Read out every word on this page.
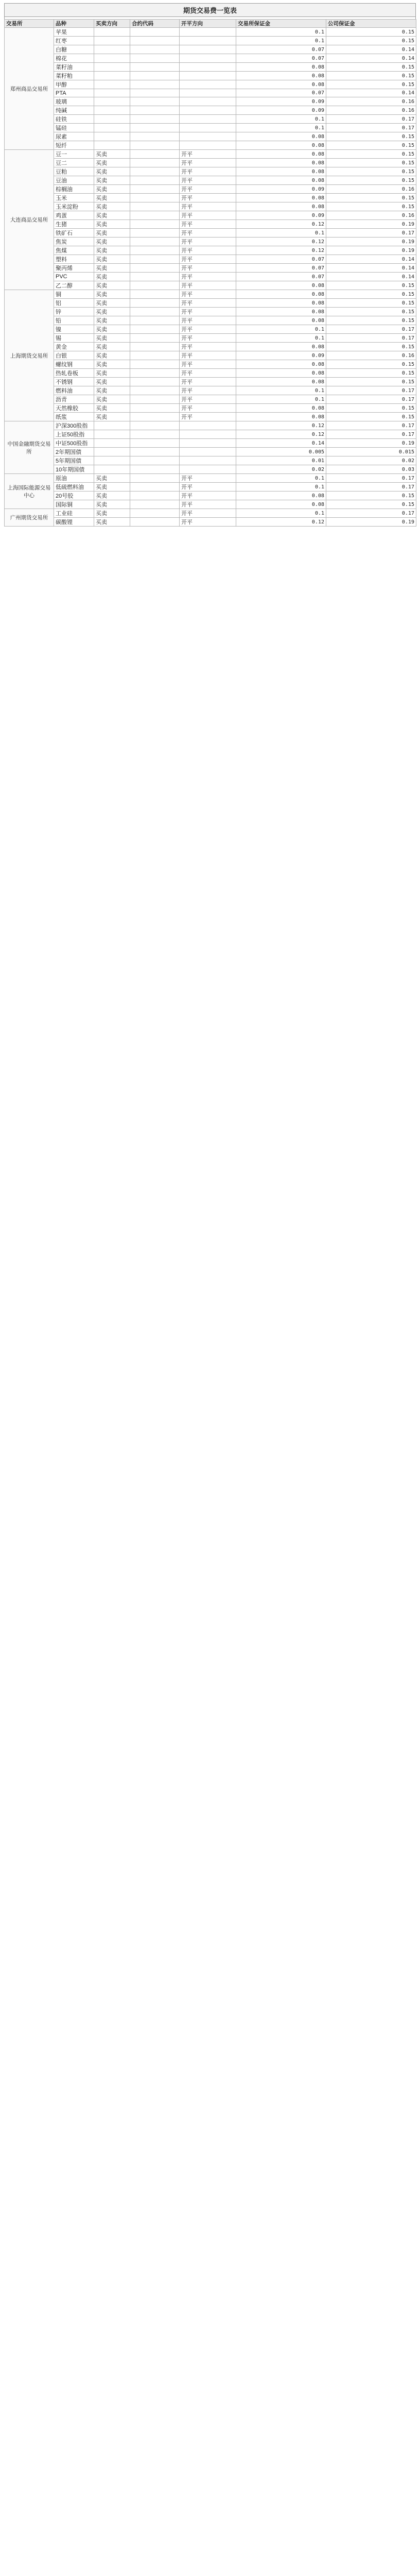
期货交易费一览表
交易所	品种	买卖方向	合约代码	开平方向	交易所保证金	公司保证金
郑州商品交易所	苹果				0.1	0.15
	红枣				0.1	0.15
	白糖				0.07	0.14
	棉花				0.07	0.14
	菜籽油				0.08	0.15
	菜籽粕				0.08	0.15
	甲醇				0.08	0.15
	PTA				0.07	0.14
	玻璃				0.09	0.16
	纯碱				0.09	0.16
	硅铁				0.1	0.17
	锰硅				0.1	0.17
	尿素				0.08	0.15
	短纤				0.08	0.15
大连商品交易所	豆一	买卖		开平	0.08	0.15
	豆二	买卖		开平	0.08	0.15
	豆粕	买卖		开平	0.08	0.15
	豆油	买卖		开平	0.08	0.15
	棕榈油	买卖		开平	0.09	0.16
	玉米	买卖		开平	0.08	0.15
	玉米淀粉	买卖		开平	0.08	0.15
	鸡蛋	买卖		开平	0.09	0.16
	生猪	买卖		开平	0.12	0.19
	铁矿石	买卖		开平	0.1	0.17
	焦炭	买卖		开平	0.12	0.19
	焦煤	买卖		开平	0.12	0.19
	塑料	买卖		开平	0.07	0.14
	聚丙烯	买卖		开平	0.07	0.14
	PVC	买卖		开平	0.07	0.14
	乙二醇	买卖		开平	0.08	0.15
上海期货交易所	铜	买卖		开平	0.08	0.15
	铝	买卖		开平	0.08	0.15
	锌	买卖		开平	0.08	0.15
	铅	买卖		开平	0.08	0.15
	镍	买卖		开平	0.1	0.17
	锡	买卖		开平	0.1	0.17
	黄金	买卖		开平	0.08	0.15
	白银	买卖		开平	0.09	0.16
	螺纹钢	买卖		开平	0.08	0.15
	热轧卷板	买卖		开平	0.08	0.15
	不锈钢	买卖		开平	0.08	0.15
	燃料油	买卖		开平	0.1	0.17
	沥青	买卖		开平	0.1	0.17
	天然橡胶	买卖		开平	0.08	0.15
	纸浆	买卖		开平	0.08	0.15
中国金融期货交易所	沪深300股指				0.12	0.17
	上证50股指				0.12	0.17
	中证500股指				0.14	0.19
	2年期国债				0.005	0.015
	5年期国债				0.01	0.02
	10年期国债				0.02	0.03
上海国际能源交易中心	原油	买卖		开平	0.1	0.17
	低硫燃料油	买卖		开平	0.1	0.17
	20号胶	买卖		开平	0.08	0.15
	国际铜	买卖		开平	0.08	0.15
广州期货交易所	工业硅	买卖		开平	0.1	0.17
	碳酸锂	买卖		开平	0.12	0.19
